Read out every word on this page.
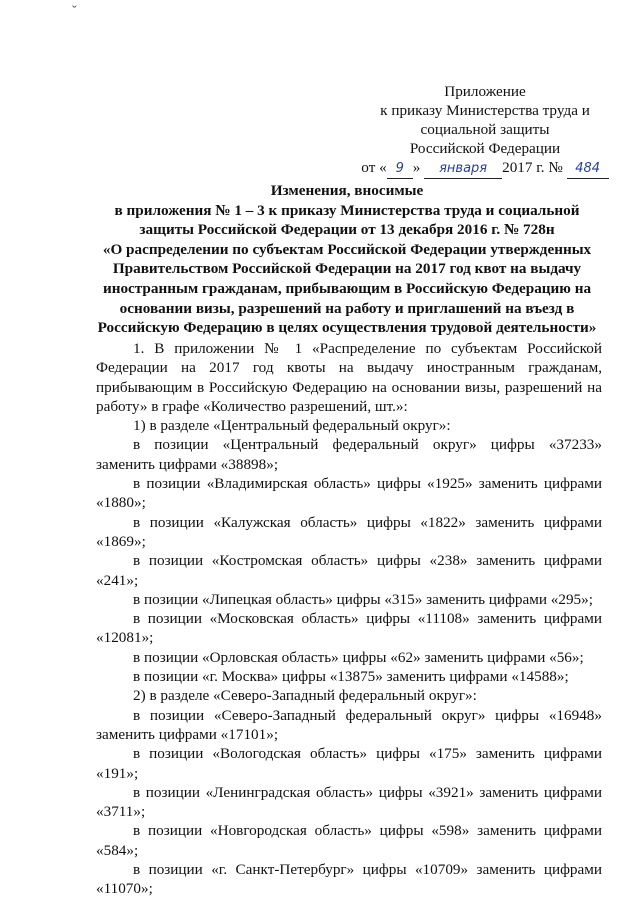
ˇ
Приложение
к приказу Министерства труда и
социальной защиты
Российской Федерации
от « 9 » января 2017 г. № 484
Изменения, вносимые
в приложения № 1 – 3 к приказу Министерства труда и социальной
защиты Российской Федерации от 13 декабря 2016 г. № 728н
«О распределении по субъектам Российской Федерации утвержденных
Правительством Российской Федерации на 2017 год квот на выдачу
иностранным гражданам, прибывающим в Российскую Федерацию на
основании визы, разрешений на работу и приглашений на въезд в
Российскую Федерацию в целях осуществления трудовой деятельности»

1. В приложении № 1 «Распределение по субъектам Российской Федерации на 2017 год квоты на выдачу иностранным гражданам, прибывающим в Российскую Федерацию на основании визы, разрешений на работу» в графе «Количество разрешений, шт.»:

1) в разделе «Центральный федеральный округ»:

в позиции «Центральный федеральный округ» цифры «37233» заменить цифрами «38898»;

в позиции «Владимирская область» цифры «1925» заменить цифрами «1880»;

в позиции «Калужская область» цифры «1822» заменить цифрами «1869»;

в позиции «Костромская область» цифры «238» заменить цифрами «241»;

в позиции «Липецкая область» цифры «315» заменить цифрами «295»;

в позиции «Московская область» цифры «11108» заменить цифрами «12081»;

в позиции «Орловская область» цифры «62» заменить цифрами «56»;

в позиции «г. Москва» цифры «13875» заменить цифрами «14588»;

2) в разделе «Северо-Западный федеральный округ»:

в позиции «Северо-Западный федеральный округ» цифры «16948» заменить цифрами «17101»;

в позиции «Вологодская область» цифры «175» заменить цифрами «191»;

в позиции «Ленинградская область» цифры «3921» заменить цифрами «3711»;

в позиции «Новгородская область» цифры «598» заменить цифрами «584»;

в позиции «г. Санкт-Петербург» цифры «10709» заменить цифрами «11070»;
